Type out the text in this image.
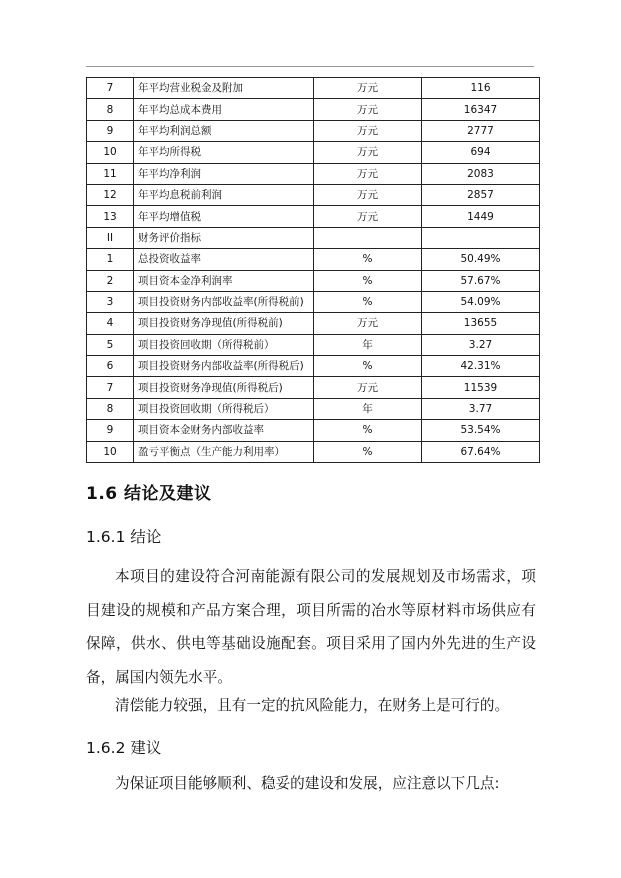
7	年平均营业税金及附加	万元	116
8	年平均总成本费用	万元	16347
9	年平均利润总额	万元	2777
10	年平均所得税	万元	694
11	年平均净利润	万元	2083
12	年平均息税前利润	万元	2857
13	年平均增值税	万元	1449
II	财务评价指标		
1	总投资收益率	%	50.49%
2	项目资本金净利润率	%	57.67%
3	项目投资财务内部收益率(所得税前)	%	54.09%
4	项目投资财务净现值(所得税前)	万元	13655
5	项目投资回收期（所得税前）	年	3.27
6	项目投资财务内部收益率(所得税后)	%	42.31%
7	项目投资财务净现值(所得税后)	万元	11539
8	项目投资回收期（所得税后）	年	3.77
9	项目资本金财务内部收益率	%	53.54%
10	盈亏平衡点（生产能力利用率）	%	67.64%
1.6 结论及建议
1.6.1 结论
本项目的建设符合河南能源有限公司的发展规划及市场需求，项目建设的规模和产品方案合理，项目所需的冶水等原材料市场供应有保障，供水、供电等基础设施配套。项目采用了国内外先进的生产设备，属国内领先水平。
清偿能力较强，且有一定的抗风险能力，在财务上是可行的。
1.6.2 建议
为保证项目能够顺利、稳妥的建设和发展，应注意以下几点:
